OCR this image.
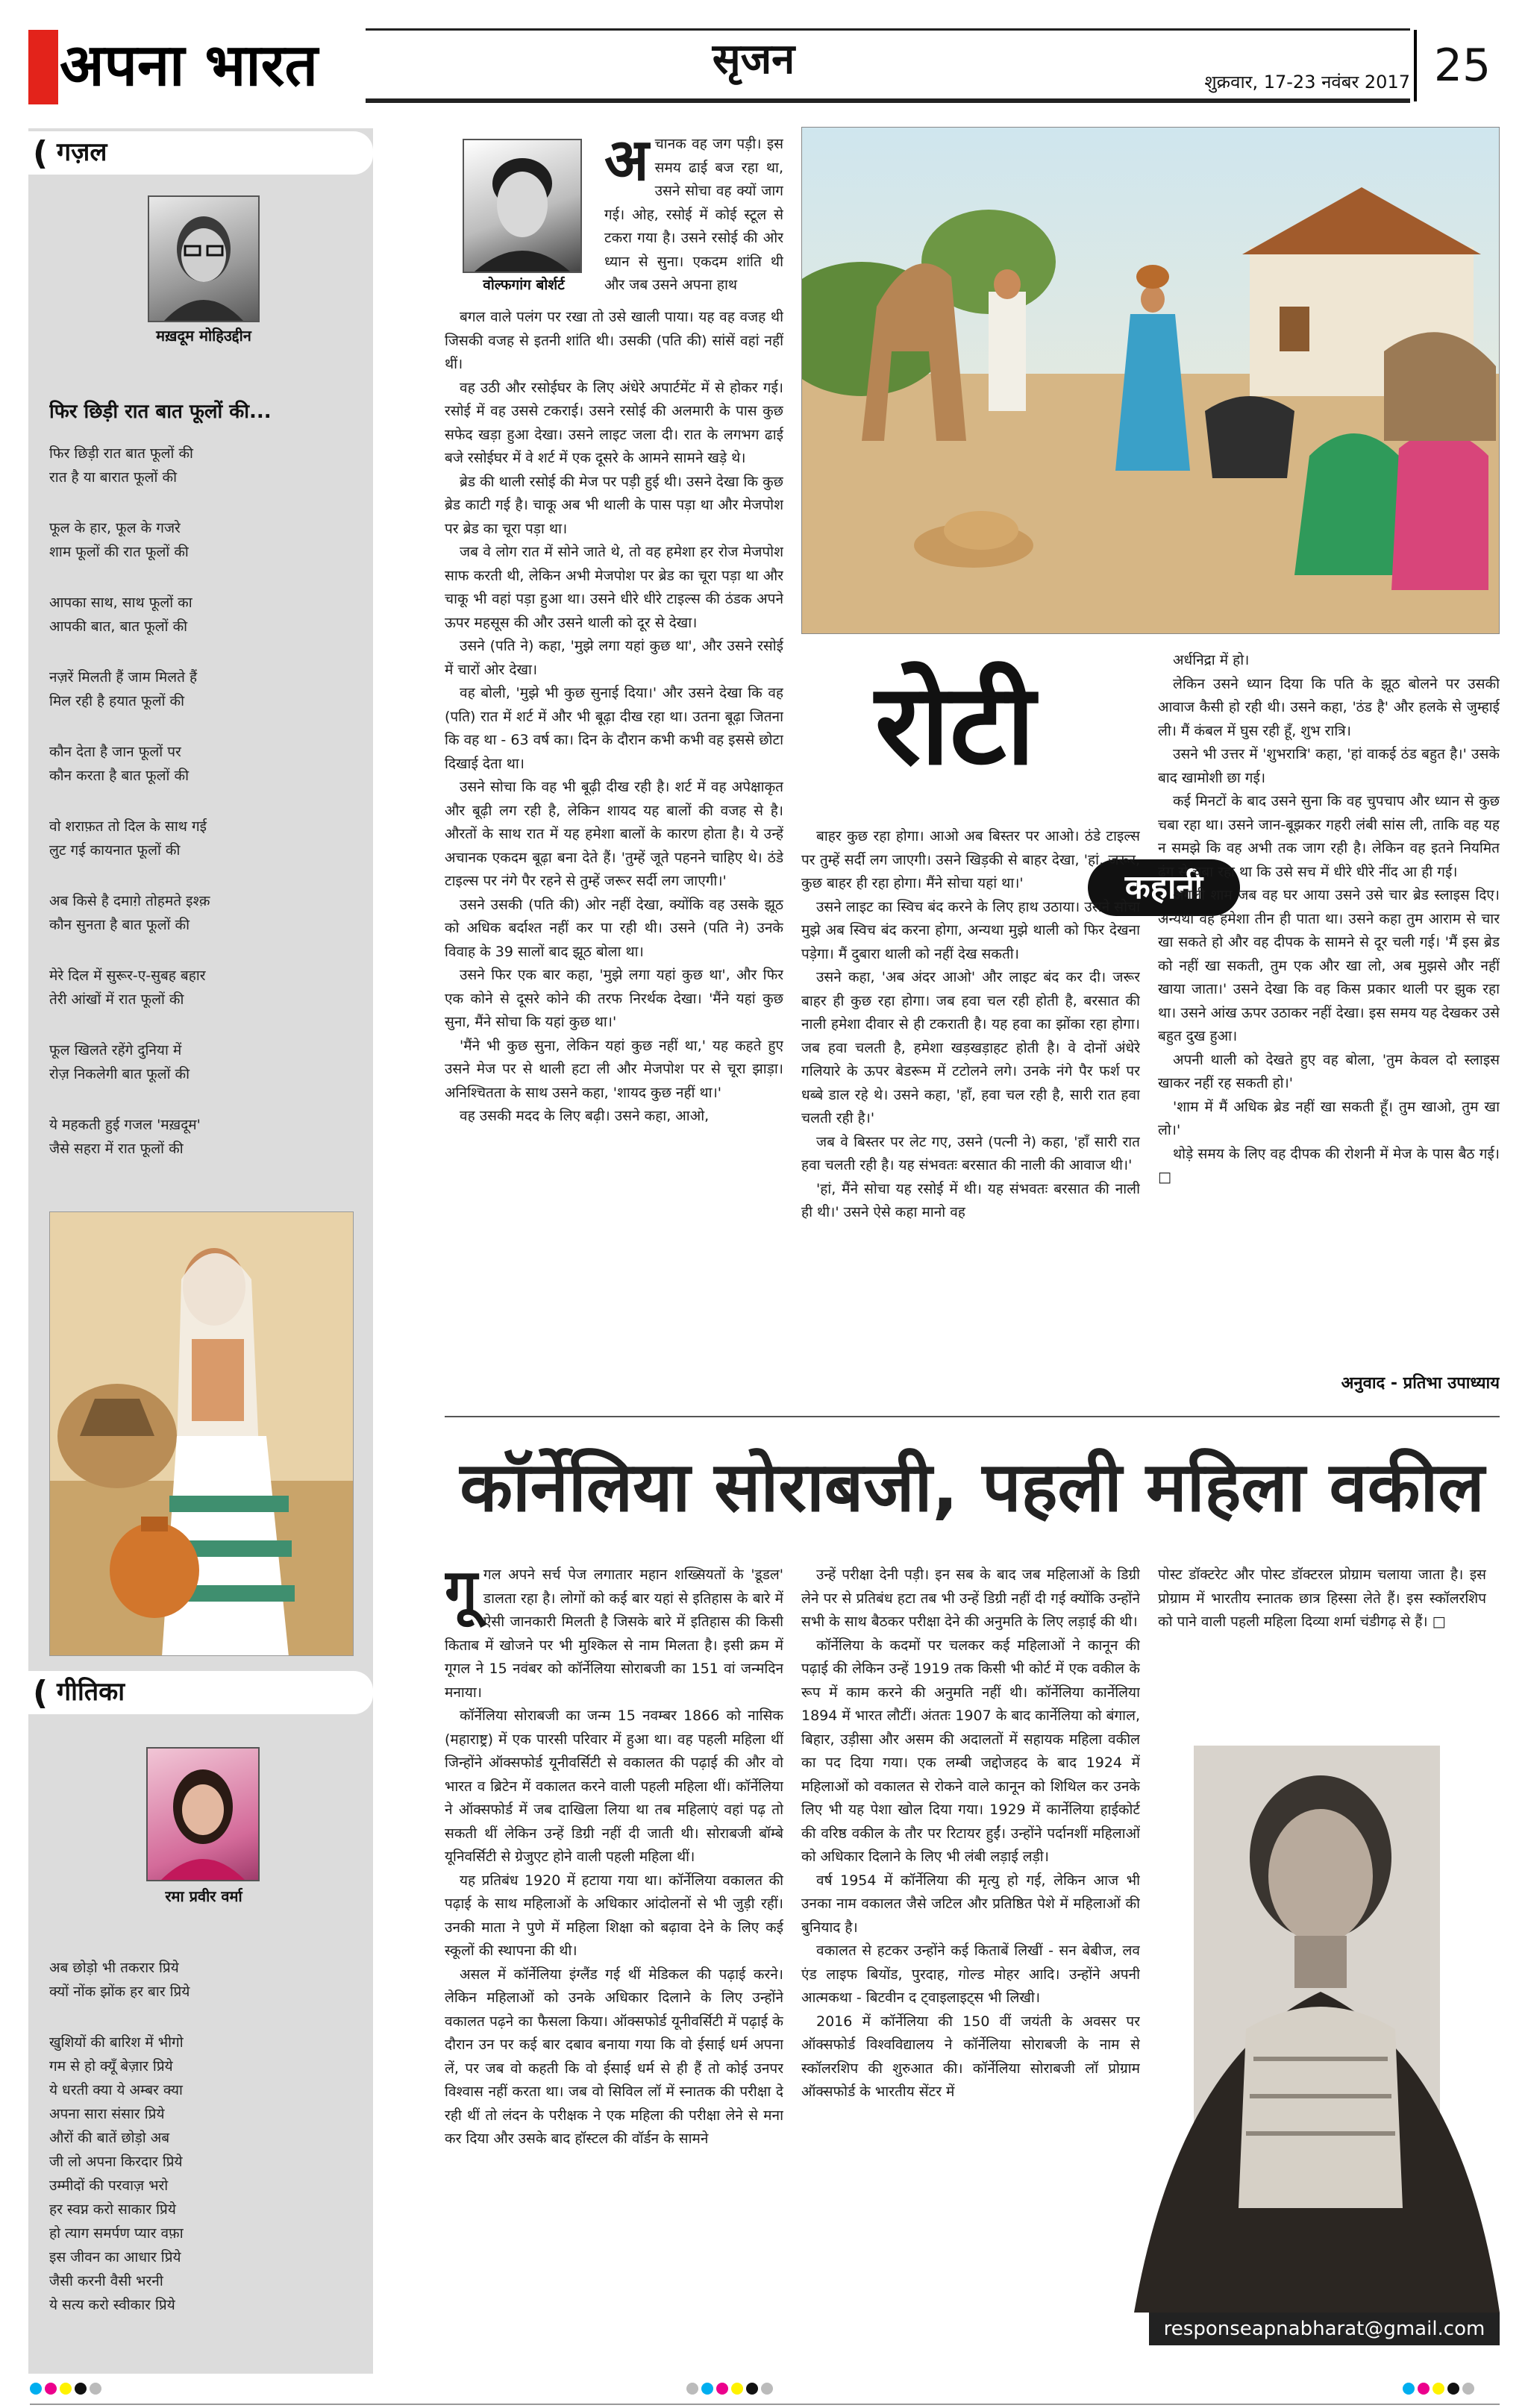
अपना भारत	सृजन	शुक्रवार, 17-23 नवंबर 2017 25
( गज़ल
मख़दूम मोहिउद्दीन
फिर छिड़ी रात बात फूलों की...
फिर छिड़ी रात बात फूलों की
रात है या बारात फूलों की
फूल के हार, फूल के गजरे
शाम फूलों की रात फूलों की
आपका साथ, साथ फूलों का
आपकी बात, बात फूलों की
नज़रें मिलती हैं जाम मिलते हैं
मिल रही है हयात फूलों की
कौन देता है जान फूलों पर
कौन करता है बात फूलों की
वो शराफ़त तो दिल के साथ गई
लुट गई कायनात फूलों की
अब किसे है दमाग़े तोहमते इश्क़
कौन सुनता है बात फूलों की
मेरे दिल में सुरूर-ए-सुबह बहार
तेरी आंखों में रात फूलों की
फूल खिलते रहेंगे दुनिया में
रोज़ निकलेगी बात फूलों की
ये महकती हुई गजल 'मख़दूम'
जैसे सहरा में रात फूलों की
( गीतिका
रमा प्रवीर वर्मा
अब छोड़ो भी तकरार प्रिये
क्यों नोंक झोंक हर बार प्रिये
खुशियों की बारिश में भीगो
गम से हो क्यूँ बेज़ार प्रिये
ये धरती क्या ये अम्बर क्या
अपना सारा संसार प्रिये
औरों की बातें छोड़ो अब
जी लो अपना किरदार प्रिये
उम्मीदों की परवाज़ भरो
हर स्वप्न करो साकार प्रिये
हो त्याग समर्पण प्यार वफ़ा
इस जीवन का आधार प्रिये
जैसी करनी वैसी भरनी
ये सत्य करो स्वीकार प्रिये
वोल्फगांग बोर्शर्ट
अ चानक वह जग पड़ी। इस समय ढाई बज रहा था, उसने सोचा वह क्यों जाग गई। ओह, रसोई में कोई स्टूल से टकरा गया है। उसने रसोई की ओर ध्यान से सुना। एकदम शांति थी और जब उसने अपना हाथ

बगल वाले पलंग पर रखा तो उसे खाली पाया। यह वह वजह थी जिसकी वजह से इतनी शांति थी। उसकी (पति की) सांसें वहां नहीं थीं।

वह उठी और रसोईघर के लिए अंधेरे अपार्टमेंट में से होकर गई। रसोई में वह उससे टकराई। उसने रसोई की अलमारी के पास कुछ सफेद खड़ा हुआ देखा। उसने लाइट जला दी। रात के लगभग ढाई बजे रसोईघर में वे शर्ट में एक दूसरे के आमने सामने खड़े थे।

ब्रेड की थाली रसोई की मेज पर पड़ी हुई थी। उसने देखा कि कुछ ब्रेड काटी गई है। चाकू अब भी थाली के पास पड़ा था और मेजपोश पर ब्रेड का चूरा पड़ा था।

जब वे लोग रात में सोने जाते थे, तो वह हमेशा हर रोज मेजपोश साफ करती थी, लेकिन अभी मेजपोश पर ब्रेड का चूरा पड़ा था और चाकू भी वहां पड़ा हुआ था। उसने धीरे धीरे टाइल्स की ठंडक अपने ऊपर महसूस की और उसने थाली को दूर से देखा।

उसने (पति ने) कहा, 'मुझे लगा यहां कुछ था', और उसने रसोई में चारों ओर देखा।

वह बोली, 'मुझे भी कुछ सुनाई दिया।' और उसने देखा कि वह (पति) रात में शर्ट में और भी बूढ़ा दीख रहा था। उतना बूढ़ा जितना कि वह था - 63 वर्ष का। दिन के दौरान कभी कभी वह इससे छोटा दिखाई देता था।

उसने सोचा कि वह भी बूढ़ी दीख रही है। शर्ट में वह अपेक्षाकृत और बूढ़ी लग रही है, लेकिन शायद यह बालों की वजह से है। औरतों के साथ रात में यह हमेशा बालों के कारण होता है। ये उन्हें अचानक एकदम बूढ़ा बना देते हैं। 'तुम्हें जूते पहनने चाहिए थे। ठंडे टाइल्स पर नंगे पैर रहने से तुम्हें जरूर सर्दी लग जाएगी।'

उसने उसकी (पति की) ओर नहीं देखा, क्योंकि वह उसके झूठ को अधिक बर्दाश्त नहीं कर पा रही थी। उसने (पति ने) उनके विवाह के 39 सालों बाद झूठ बोला था।

उसने फिर एक बार कहा, 'मुझे लगा यहां कुछ था', और फिर एक कोने से दूसरे कोने की तरफ निरर्थक देखा। 'मैंने यहां कुछ सुना, मैंने सोचा कि यहां कुछ था।'

'मैंने भी कुछ सुना, लेकिन यहां कुछ नहीं था,' यह कहते हुए उसने मेज पर से थाली हटा ली और मेजपोश पर से चूरा झाड़ा। अनिश्चितता के साथ उसने कहा, 'शायद कुछ नहीं था।'

वह उसकी मदद के लिए बढ़ी। उसने कहा, आओ,

रोटी
कहानी

बाहर कुछ रहा होगा। आओ अब बिस्तर पर आओ। ठंडे टाइल्स पर तुम्हें सर्दी लग जाएगी। उसने खिड़की से बाहर देखा, 'हां, जरूर, कुछ बाहर ही रहा होगा। मैंने सोचा यहां था।'

उसने लाइट का स्विच बंद करने के लिए हाथ उठाया। उसने सोचा मुझे अब स्विच बंद करना होगा, अन्यथा मुझे थाली को फिर देखना पड़ेगा। मैं दुबारा थाली को नहीं देख सकती।

उसने कहा, 'अब अंदर आओ' और लाइट बंद कर दी। जरूर बाहर ही कुछ रहा होगा। जब हवा चल रही होती है, बरसात की नाली हमेशा दीवार से ही टकराती है। यह हवा का झोंका रहा होगा। जब हवा चलती है, हमेशा खड़खड़ाहट होती है। वे दोनों अंधेरे गलियारे के ऊपर बेडरूम में टटोलने लगे। उनके नंगे पैर फर्श पर धब्बे डाल रहे थे। उसने कहा, 'हाँ, हवा चल रही है, सारी रात हवा चलती रही है।'

जब वे बिस्तर पर लेट गए, उसने (पत्नी ने) कहा, 'हाँ सारी रात हवा चलती रही है। यह संभवतः बरसात की नाली की आवाज थी।'

'हां, मैंने सोचा यह रसोई में थी। यह संभवतः बरसात की नाली ही थी।' उसने ऐसे कहा मानो वह

अर्धनिद्रा में हो।

लेकिन उसने ध्यान दिया कि पति के झूठ बोलने पर उसकी आवाज कैसी हो रही थी। उसने कहा, 'ठंड है' और हलके से जुम्हाई ली। मैं कंबल में घुस रही हूँ, शुभ रात्रि।

उसने भी उत्तर में 'शुभरात्रि' कहा, 'हां वाकई ठंड बहुत है।' उसके बाद खामोशी छा गई।

कई मिनटों के बाद उसने सुना कि वह चुपचाप और ध्यान से कुछ चबा रहा था। उसने जान-बूझकर गहरी लंबी सांस ली, ताकि वह यह न समझे कि वह अभी तक जाग रही है। लेकिन वह इतने नियमित ढंग से चबा रहा था कि उसे सच में धीरे धीरे नींद आ ही गई।

अगली शाम जब वह घर आया उसने उसे चार ब्रेड स्लाइस दिए। अन्यथा वह हमेशा तीन ही पाता था। उसने कहा तुम आराम से चार खा सकते हो और वह दीपक के सामने से दूर चली गई। 'मैं इस ब्रेड को नहीं खा सकती, तुम एक और खा लो, अब मुझसे और नहीं खाया जाता।' उसने देखा कि वह किस प्रकार थाली पर झुक रहा था। उसने आंख ऊपर उठाकर नहीं देखा। इस समय यह देखकर उसे बहुत दुख हुआ।

अपनी थाली को देखते हुए वह बोला, 'तुम केवल दो स्लाइस खाकर नहीं रह सकती हो।'

'शाम में मैं अधिक ब्रेड नहीं खा सकती हूँ। तुम खाओ, तुम खा लो।'

थोड़े समय के लिए वह दीपक की रोशनी में मेज के पास बैठ गई। □

अनुवाद - प्रतिभा उपाध्याय
कॉर्नेलिया सोराबजी, पहली महिला वकील
गू गल अपने सर्च पेज लगातार महान शख्सियतों के 'डूडल' डालता रहा है। लोगों को कई बार यहां से इतिहास के बारे में ऐसी जानकारी मिलती है जिसके बारे में इतिहास की किसी किताब में खोजने पर भी मुश्किल से नाम मिलता है। इसी क्रम में गूगल ने 15 नवंबर को कॉर्नेलिया सोराबजी का 151 वां जन्मदिन मनाया।

कॉर्नेलिया सोराबजी का जन्म 15 नवम्बर 1866 को नासिक (महाराष्ट्र) में एक पारसी परिवार में हुआ था। वह पहली महिला थीं जिन्होंने ऑक्सफोर्ड यूनीवर्सिटी से वकालत की पढ़ाई की और वो भारत व ब्रिटेन में वकालत करने वाली पहली महिला थीं। कॉर्नेलिया ने ऑक्सफोर्ड में जब दाखिला लिया था तब महिलाएं वहां पढ़ तो सकती थीं लेकिन उन्हें डिग्री नहीं दी जाती थी। सोराबजी बॉम्बे यूनिवर्सिटी से ग्रेजुएट होने वाली पहली महिला थीं।

यह प्रतिबंध 1920 में हटाया गया था। कॉर्नेलिया वकालत की पढ़ाई के साथ महिलाओं के अधिकार आंदोलनों से भी जुड़ी रहीं। उनकी माता ने पुणे में महिला शिक्षा को बढ़ावा देने के लिए कई स्कूलों की स्थापना की थी।

असल में कॉर्नेलिया इंग्लैंड गई थीं मेडिकल की पढ़ाई करने। लेकिन महिलाओं को उनके अधिकार दिलाने के लिए उन्होंने वकालत पढ़ने का फैसला किया। ऑक्सफोर्ड यूनीवर्सिटी में पढ़ाई के दौरान उन पर कई बार दबाव बनाया गया कि वो ईसाई धर्म अपना लें, पर जब वो कहती कि वो ईसाई धर्म से ही हैं तो कोई उनपर विश्वास नहीं करता था। जब वो सिविल लॉ में स्नातक की परीक्षा दे रही थीं तो लंदन के परीक्षक ने एक महिला की परीक्षा लेने से मना कर दिया और उसके बाद हॉस्टल की वॉर्डन के सामने

उन्हें परीक्षा देनी पड़ी। इन सब के बाद जब महिलाओं के डिग्री लेने पर से प्रतिबंध हटा तब भी उन्हें डिग्री नहीं दी गई क्योंकि उन्होंने सभी के साथ बैठकर परीक्षा देने की अनुमति के लिए लड़ाई की थी।

कॉर्नेलिया के कदमों पर चलकर कई महिलाओं ने कानून की पढ़ाई की लेकिन उन्हें 1919 तक किसी भी कोर्ट में एक वकील के रूप में काम करने की अनुमति नहीं थी। कॉर्नेलिया कार्नेलिया 1894 में भारत लौटीं। अंततः 1907 के बाद कार्नेलिया को बंगाल, बिहार, उड़ीसा और असम की अदालतों में सहायक महिला वकील का पद दिया गया। एक लम्बी जद्दोजहद के बाद 1924 में महिलाओं को वकालत से रोकने वाले कानून को शिथिल कर उनके लिए भी यह पेशा खोल दिया गया। 1929 में कार्नेलिया हाईकोर्ट की वरिष्ठ वकील के तौर पर रिटायर हुईं। उन्होंने पर्दानशीं महिलाओं को अधिकार दिलाने के लिए भी लंबी लड़ाई लड़ी।

वर्ष 1954 में कॉर्नेलिया की मृत्यु हो गई, लेकिन आज भी उनका नाम वकालत जैसे जटिल और प्रतिष्ठित पेशे में महिलाओं की बुनियाद है।

वकालत से हटकर उन्होंने कई किताबें लिखीं - सन बेबीज, लव एंड लाइफ बियोंड, पुरदाह, गोल्ड मोहर आदि। उन्होंने अपनी आत्मकथा - बिटवीन द ट्वाइलाइट्स भी लिखी।

2016 में कॉर्नेलिया की 150 वीं जयंती के अवसर पर ऑक्सफोर्ड विश्वविद्यालय ने कॉर्नेलिया सोराबजी के नाम से स्कॉलरशिप की शुरुआत की। कॉर्नेलिया सोराबजी लॉ प्रोग्राम ऑक्सफोर्ड के भारतीय सेंटर में

पोस्ट डॉक्टरेट और पोस्ट डॉक्टरल प्रोग्राम चलाया जाता है। इस प्रोग्राम में भारतीय स्नातक छात्र हिस्सा लेते हैं। इस स्कॉलरशिप को पाने वाली पहली महिला दिव्या शर्मा चंडीगढ़ से हैं। □
responseapnabharat@gmail.com
